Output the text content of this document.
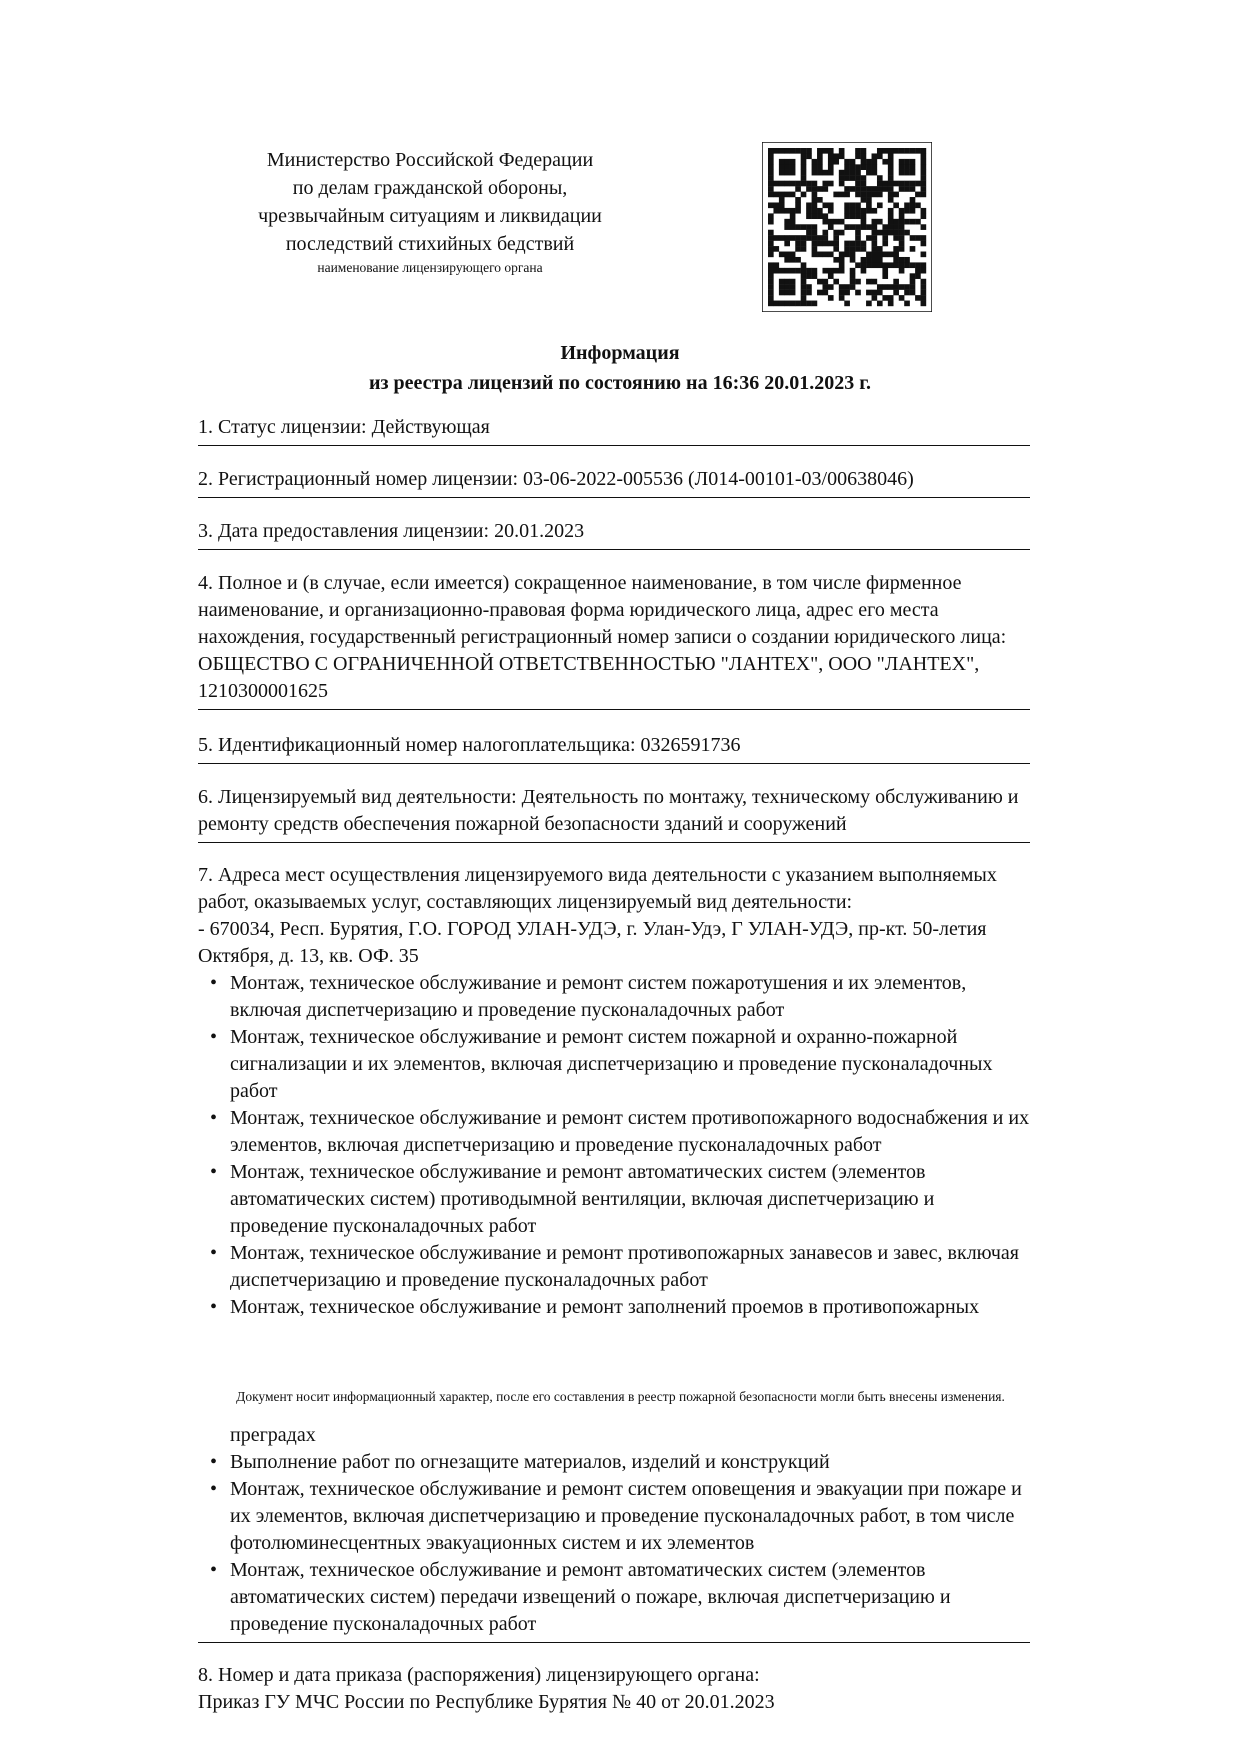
Министерство Российской Федерации
по делам гражданской обороны,
чрезвычайным ситуациям и ликвидации
последствий стихийных бедствий
наименование лицензирующего органа
Информация
из реестра лицензий по состоянию на 16:36 20.01.2023 г.

1. Статус лицензии: Действующая

2. Регистрационный номер лицензии: 03-06-2022-005536 (Л014-00101-03/00638046)

3. Дата предоставления лицензии: 20.01.2023

4. Полное и (в случае, если имеется) сокращенное наименование, в том числе фирменное наименование, и организационно-правовая форма юридического лица, адрес его места нахождения, государственный регистрационный номер записи о создании юридического лица: ОБЩЕСТВО С ОГРАНИЧЕННОЙ ОТВЕТСТВЕННОСТЬЮ "ЛАНТЕХ", ООО "ЛАНТЕХ", 1210300001625

5. Идентификационный номер налогоплательщика: 0326591736

6. Лицензируемый вид деятельности: Деятельность по монтажу, техническому обслуживанию и ремонту средств обеспечения пожарной безопасности зданий и сооружений

7. Адреса мест осуществления лицензируемого вида деятельности с указанием выполняемых работ, оказываемых услуг, составляющих лицензируемый вид деятельности:

- 670034, Респ. Бурятия, Г.О. ГОРОД УЛАН-УДЭ, г. Улан-Удэ, Г УЛАН-УДЭ, пр-кт. 50-летия Октября, д. 13, кв. ОФ. 35

• Монтаж, техническое обслуживание и ремонт систем пожаротушения и их элементов, включая диспетчеризацию и проведение пусконаладочных работ
• Монтаж, техническое обслуживание и ремонт систем пожарной и охранно-пожарной сигнализации и их элементов, включая диспетчеризацию и проведение пусконаладочных работ
• Монтаж, техническое обслуживание и ремонт систем противопожарного водоснабжения и их элементов, включая диспетчеризацию и проведение пусконаладочных работ
• Монтаж, техническое обслуживание и ремонт автоматических систем (элементов автоматических систем) противодымной вентиляции, включая диспетчеризацию и проведение пусконаладочных работ
• Монтаж, техническое обслуживание и ремонт противопожарных занавесов и завес, включая диспетчеризацию и проведение пусконаладочных работ
• Монтаж, техническое обслуживание и ремонт заполнений проемов в противопожарных
Документ носит информационный характер, после его составления в реестр пожарной безопасности могли быть внесены изменения.

преградах

• Выполнение работ по огнезащите материалов, изделий и конструкций
• Монтаж, техническое обслуживание и ремонт систем оповещения и эвакуации при пожаре и их элементов, включая диспетчеризацию и проведение пусконаладочных работ, в том числе фотолюминесцентных эвакуационных систем и их элементов
• Монтаж, техническое обслуживание и ремонт автоматических систем (элементов автоматических систем) передачи извещений о пожаре, включая диспетчеризацию и проведение пусконаладочных работ

8. Номер и дата приказа (распоряжения) лицензирующего органа:

Приказ ГУ МЧС России по Республике Бурятия № 40 от 20.01.2023
